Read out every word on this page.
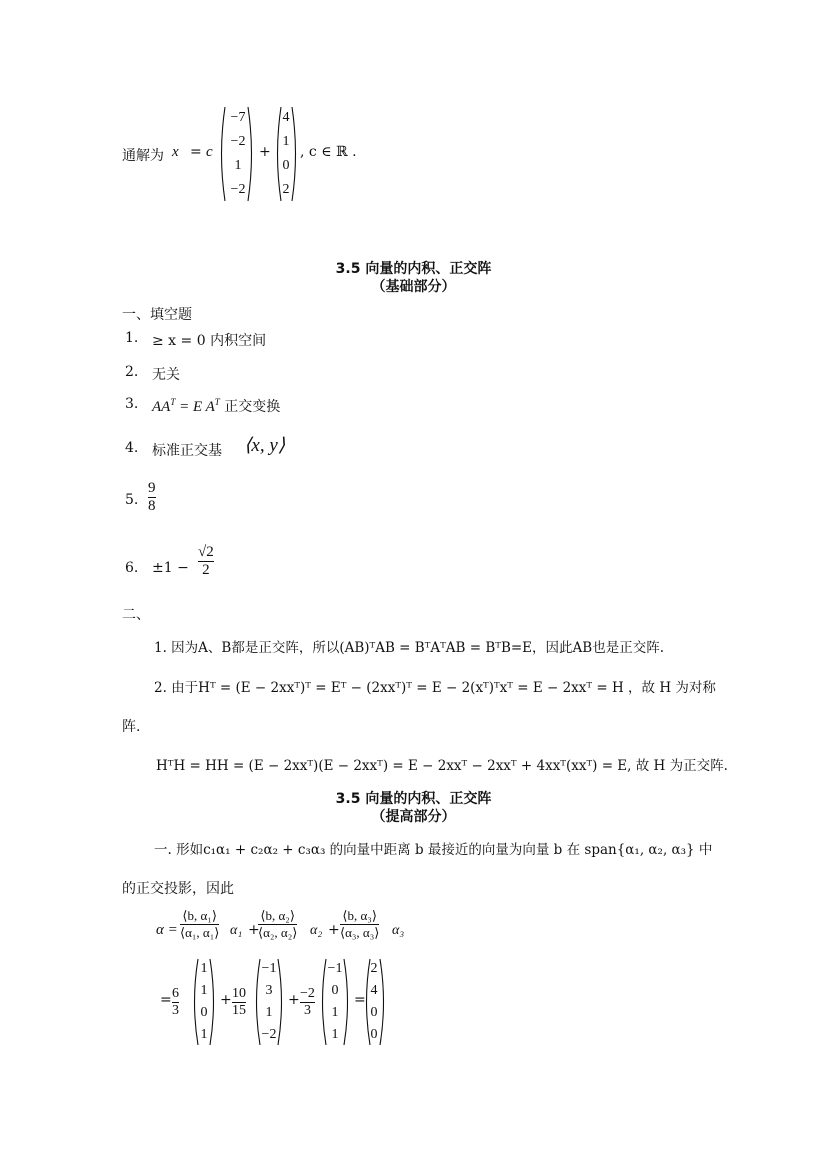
通解为 x = c
−7
−2
1
−2
+
4
1
0
2
, c ∈ ℝ .
3.5 向量的内积、正交阵
（基础部分）
一、填空题
1. ≥ x = 0 内积空间
2. 无关
3. $AA^T = E$ $A^T$ 正交变换
4. 标准正交基 ⟨x, y⟩
5.
9
8
6. ±1 −
√2
2
二、
1. 因为A、B都是正交阵，所以(AB)ᵀAB = BᵀAᵀAB = BᵀB=E，因此AB也是正交阵.
2. 由于Hᵀ = (E − 2xxᵀ)ᵀ = Eᵀ − (2xxᵀ)ᵀ = E − 2(xᵀ)ᵀxᵀ = E − 2xxᵀ = H ，故 H 为对称
阵.
HᵀH = HH = (E − 2xxᵀ)(E − 2xxᵀ) = E − 2xxᵀ − 2xxᵀ + 4xxᵀ(xxᵀ) = E, 故 H 为正交阵.
3.5 向量的内积、正交阵
（提高部分）
一. 形如c₁α₁ + c₂α₂ + c₃α₃ 的向量中距离 b 最接近的向量为向量 b 在 span{α₁, α₂, α₃} 中
的正交投影，因此
α =
⟨b, α₁⟩
⟨α₁, α₁⟩ α₁ +
⟨b, α₂⟩
⟨α₂, α₂⟩ α₂ +
⟨b, α₃⟩
⟨α₃, α₃⟩ α₃
= 6
3
1
1
0
1
+ 10
15
−1
3
1
−2
+ −2
3
−1
0
1
1
=
2
4
0
0
